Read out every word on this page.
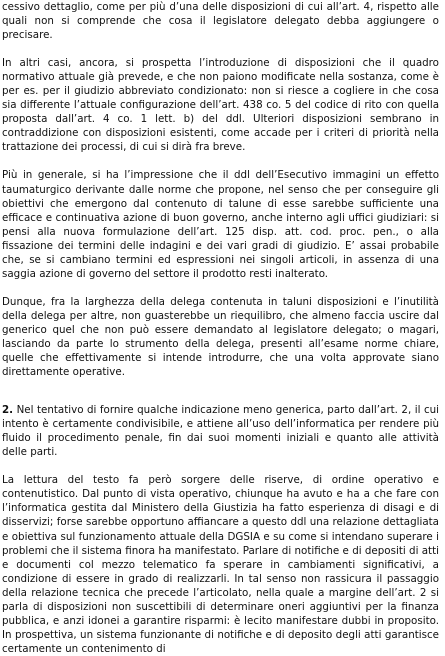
cessivo dettaglio, come per più d’una delle disposizioni di cui all’art. 4, rispetto alle quali non si comprende che cosa il legislatore delegato debba aggiungere o precisare.

In altri casi, ancora, si prospetta l’introduzione di disposizioni che il quadro normativo attuale già prevede, e che non paiono modificate nella sostanza, come è per es. per il giudizio abbreviato condizionato: non si riesce a cogliere in che cosa sia differente l’attuale configurazione dell’art. 438 co. 5 del codice di rito con quella proposta dall’art. 4 co. 1 lett. b) del ddl. Ulteriori disposizioni sembrano in contraddizione con disposizioni esistenti, come accade per i criteri di priorità nella trattazione dei processi, di cui si dirà fra breve.

Più in generale, si ha l’impressione che il ddl dell’Esecutivo immagini un effetto taumaturgico derivante dalle norme che propone, nel senso che per conseguire gli obiettivi che emergono dal contenuto di talune di esse sarebbe sufficiente una efficace e continuativa azione di buon governo, anche interno agli uffici giudiziari: si pensi alla nuova formulazione dell’art. 125 disp. att. cod. proc. pen., o alla fissazione dei termini delle indagini e dei vari gradi di giudizio. E’ assai probabile che, se si cambiano termini ed espressioni nei singoli articoli, in assenza di una saggia azione di governo del settore il prodotto resti inalterato.

Dunque, fra la larghezza della delega contenuta in taluni disposizioni e l’inutilità della delega per altre, non guasterebbe un riequilibro, che almeno faccia uscire dal generico quel che non può essere demandato al legislatore delegato; o magari, lasciando da parte lo strumento della delega, presenti all’esame norme chiare, quelle che effettivamente si intende introdurre, che una volta approvate siano direttamente operative.

2. Nel tentativo di fornire qualche indicazione meno generica, parto dall’art. 2, il cui intento è certamente condivisibile, e attiene all’uso dell’informatica per rendere più fluido il procedimento penale, fin dai suoi momenti iniziali e quanto alle attività delle parti.

La lettura del testo fa però sorgere delle riserve, di ordine operativo e contenutistico. Dal punto di vista operativo, chiunque ha avuto e ha a che fare con l’informatica gestita dal Ministero della Giustizia ha fatto esperienza di disagi e di disservizi; forse sarebbe opportuno affiancare a questo ddl una relazione dettagliata e obiettiva sul funzionamento attuale della DGSIA e su come si intendano superare i problemi che il sistema finora ha manifestato. Parlare di notifiche e di depositi di atti e documenti col mezzo telematico fa sperare in cambiamenti significativi, a condizione di essere in grado di realizzarli. In tal senso non rassicura il passaggio della relazione tecnica che precede l’articolato, nella quale a margine dell’art. 2 si parla di disposizioni non suscettibili di determinare oneri aggiuntivi per la finanza pubblica, e anzi idonei a garantire risparmi: è lecito manifestare dubbi in proposito. In prospettiva, un sistema funzionante di notifiche e di deposito degli atti garantisce certamente un contenimento di
